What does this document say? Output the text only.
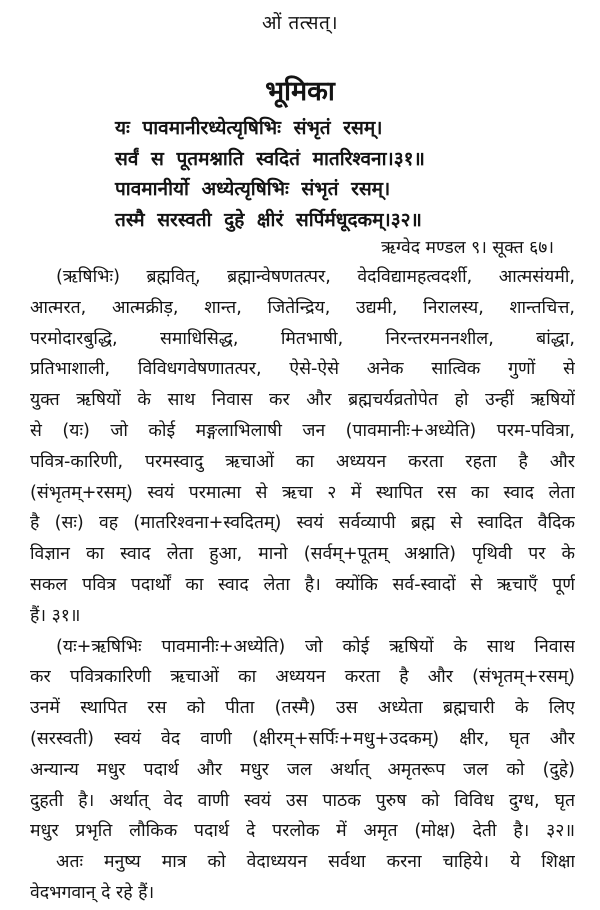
ओं तत्सत्।
भूमिका
यः पावमानीरध्येत्यृषिभिः संभृतं रसम्।
सर्वं स पूतमश्नाति स्वदितं मातरिश्वना।३१॥
पावमानीर्यो अध्येत्यृषिभिः संभृतं रसम्।
तस्मै सरस्वती दुहे क्षीरं सर्पिर्मधूदकम्।३२॥
ऋग्वेद मण्डल ९। सूक्त ६७।
(ऋषिभिः) ब्रह्मवित्, ब्रह्मान्वेषणतत्पर, वेदविद्यामहत्वदर्शी, आत्मसंयमी,
आत्मरत, आत्मक्रीड़, शान्त, जितेन्द्रिय, उद्यमी, निरालस्य, शान्तचित्त,
परमोदारबुद्धि, समाधिसिद्ध, मितभाषी, निरन्तरमननशील, बांद्धा,
प्रतिभाशाली, विविधगवेषणातत्पर, ऐसे-ऐसे अनेक सात्विक गुणों से
युक्त ऋषियों के साथ निवास कर और ब्रह्मचर्यव्रतोपेत हो उन्हीं ऋषियों
से (यः) जो कोई मङ्गलाभिलाषी जन (पावमानीः+अध्येति) परम-पवित्रा,
पवित्र-कारिणी, परमस्वादु ऋचाओं का अध्ययन करता रहता है और
(संभृतम्+रसम्) स्वयं परमात्मा से ऋचा २ में स्थापित रस का स्वाद लेता
है (सः) वह (मातरिश्वना+स्वदितम्) स्वयं सर्वव्यापी ब्रह्म से स्वादित वैदिक
विज्ञान का स्वाद लेता हुआ, मानो (सर्वम्+पूतम् अश्नाति) पृथिवी पर के
सकल पवित्र पदार्थों का स्वाद लेता है। क्योंकि सर्व-स्वादों से ऋचाएँ पूर्ण
हैं। ३१॥
(यः+ऋषिभिः पावमानीः+अध्येति) जो कोई ऋषियों के साथ निवास
कर पवित्रकारिणी ऋचाओं का अध्ययन करता है और (संभृतम्+रसम्)
उनमें स्थापित रस को पीता (तस्मै) उस अध्येता ब्रह्मचारी के लिए
(सरस्वती) स्वयं वेद वाणी (क्षीरम्+सर्पिः+मधु+उदकम्) क्षीर, घृत और
अन्यान्य मधुर पदार्थ और मधुर जल अर्थात् अमृतरूप जल को (दुहे)
दुहती है। अर्थात् वेद वाणी स्वयं उस पाठक पुरुष को विविध दुग्ध, घृत
मधुर प्रभृति लौकिक पदार्थ दे परलोक में अमृत (मोक्ष) देती है। ३२॥
अतः मनुष्य मात्र को वेदाध्ययन सर्वथा करना चाहिये। ये शिक्षा
वेदभगवान् दे रहे हैं।
